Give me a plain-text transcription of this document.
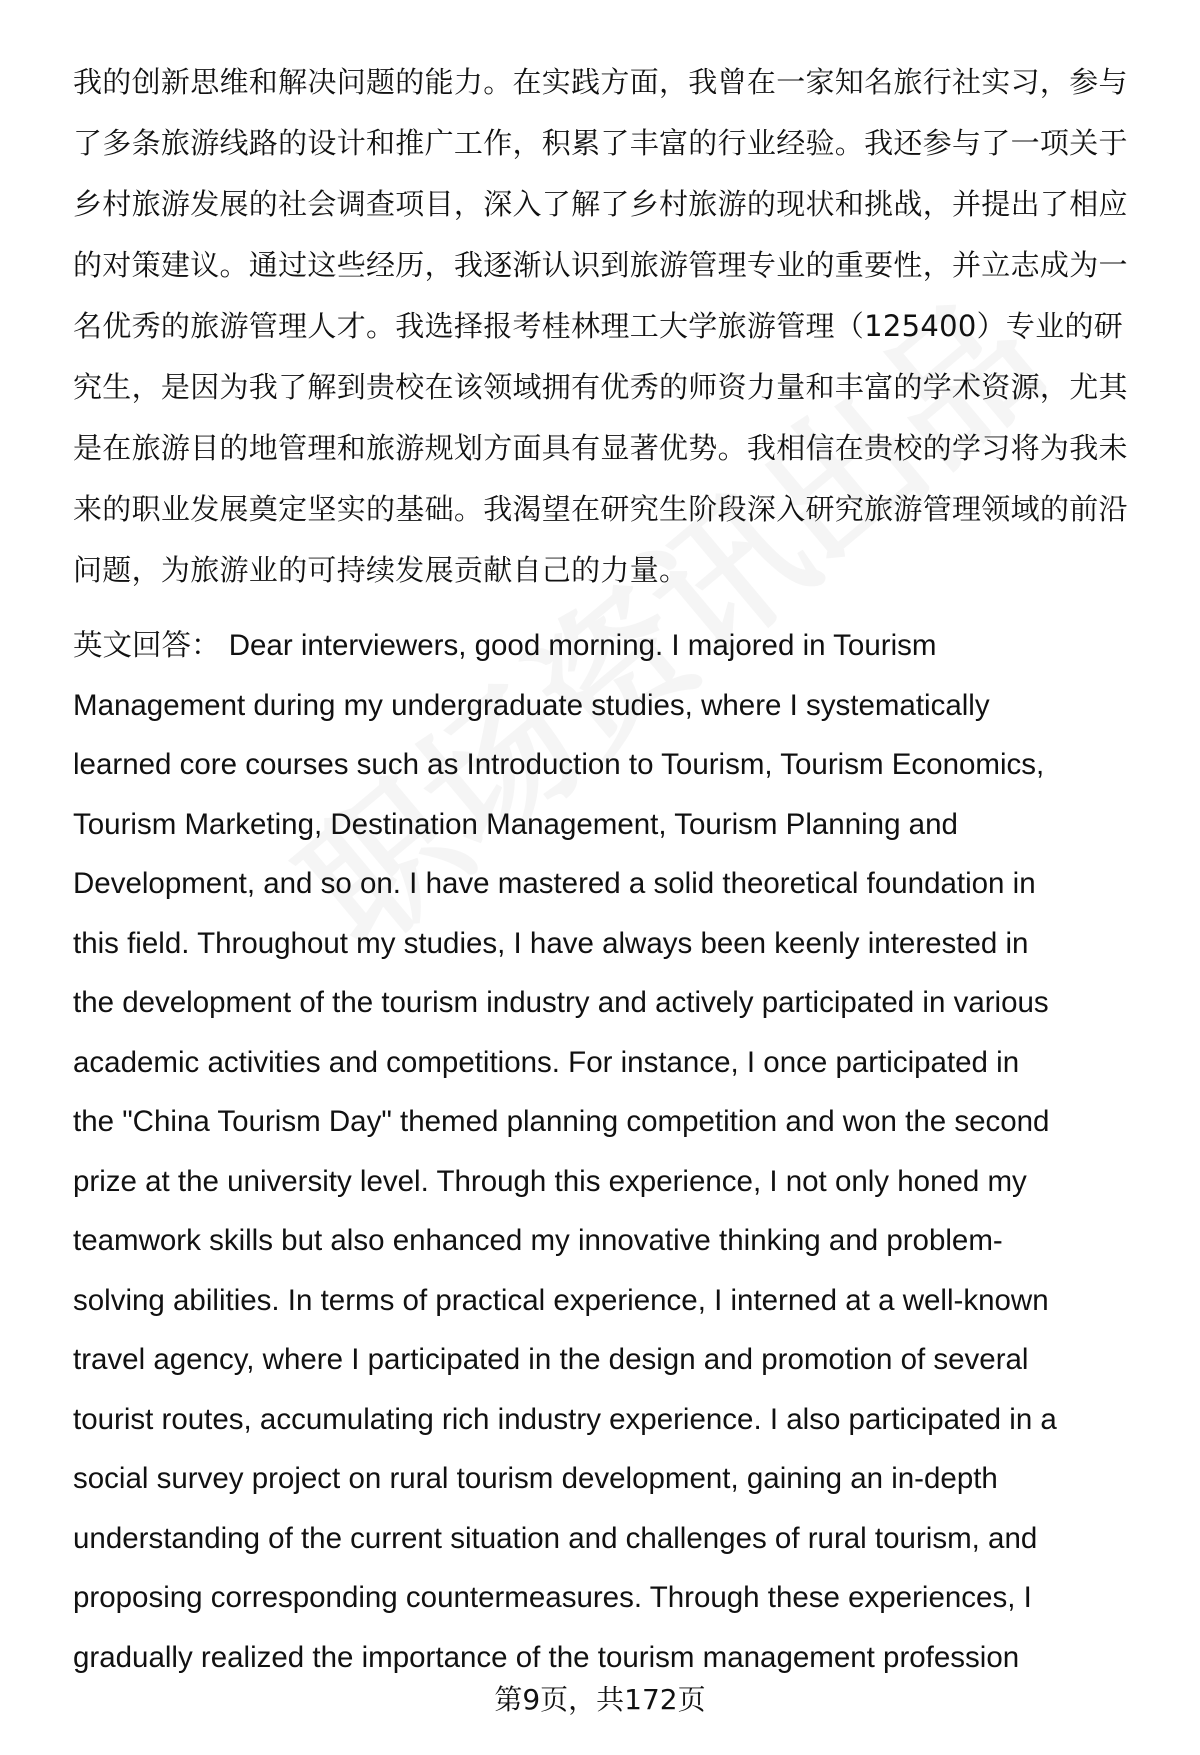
我的创新思维和解决问题的能力。在实践方面，我曾在一家知名旅行社实习，参与
了多条旅游线路的设计和推广工作，积累了丰富的行业经验。我还参与了一项关于
乡村旅游发展的社会调查项目，深入了解了乡村旅游的现状和挑战，并提出了相应
的对策建议。通过这些经历，我逐渐认识到旅游管理专业的重要性，并立志成为一
名优秀的旅游管理人才。我选择报考桂林理工大学旅游管理（125400）专业的研
究生，是因为我了解到贵校在该领域拥有优秀的师资力量和丰富的学术资源，尤其
是在旅游目的地管理和旅游规划方面具有显著优势。我相信在贵校的学习将为我未
来的职业发展奠定坚实的基础。我渴望在研究生阶段深入研究旅游管理领域的前沿
问题，为旅游业的可持续发展贡献自己的力量。
英文回答： Dear interviewers, good morning. I majored in Tourism
Management during my undergraduate studies, where I systematically
learned core courses such as Introduction to Tourism, Tourism Economics,
Tourism Marketing, Destination Management, Tourism Planning and
Development, and so on. I have mastered a solid theoretical foundation in
this field. Throughout my studies, I have always been keenly interested in
the development of the tourism industry and actively participated in various
academic activities and competitions. For instance, I once participated in
the "China Tourism Day" themed planning competition and won the second
prize at the university level. Through this experience, I not only honed my
teamwork skills but also enhanced my innovative thinking and problem-
solving abilities. In terms of practical experience, I interned at a well-known
travel agency, where I participated in the design and promotion of several
tourist routes, accumulating rich industry experience. I also participated in a
social survey project on rural tourism development, gaining an in-depth
understanding of the current situation and challenges of rural tourism, and
proposing corresponding countermeasures. Through these experiences, I
gradually realized the importance of the tourism management profession
第9页，共172页
